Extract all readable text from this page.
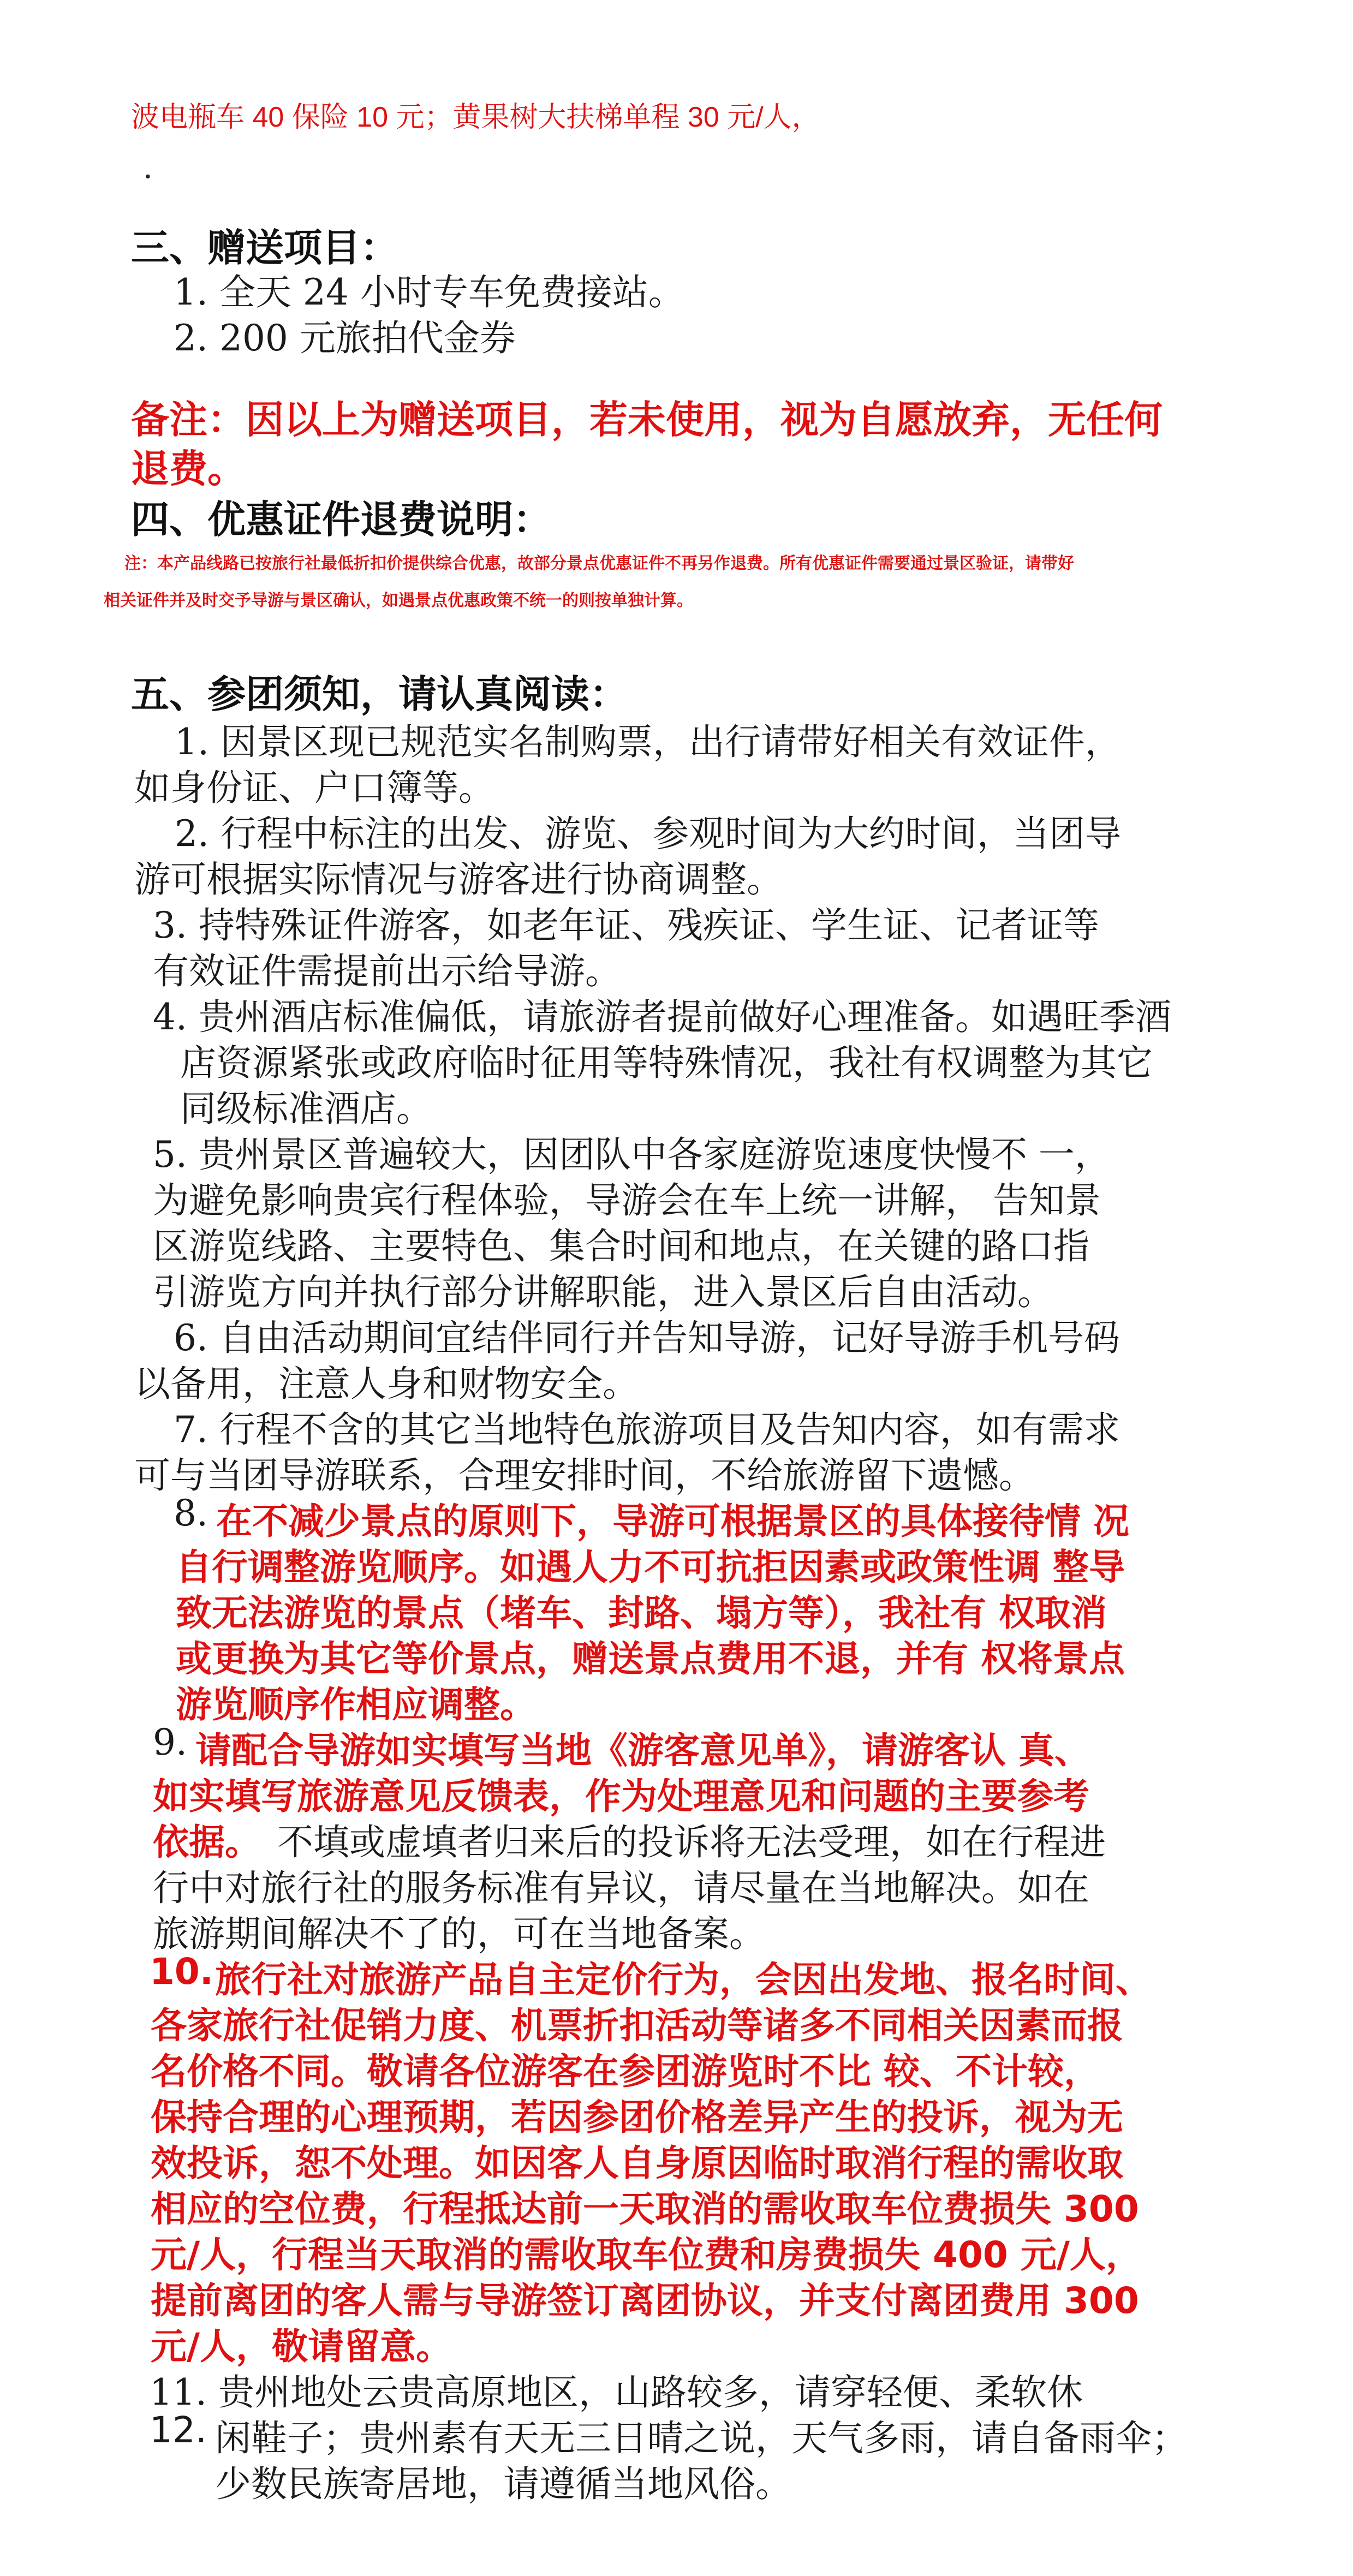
波电瓶车 40 保险 10 元；黄果树大扶梯单程 30 元/人，

.

三、赠送项目：

1. 全天 24 小时专车免费接站。

2. 200 元旅拍代金券

备注：因以上为赠送项目，若未使用，视为自愿放弃，无任何

退费。

四、优惠证件退费说明：

注：本产品线路已按旅行社最低折扣价提供综合优惠，故部分景点优惠证件不再另作退费。所有优惠证件需要通过景区验证，请带好

相关证件并及时交予导游与景区确认，如遇景点优惠政策不统一的则按单独计算。

五、参团须知，请认真阅读：

1. 因景区现已规范实名制购票，出行请带好相关有效证件，

如身份证、户口簿等。

2. 行程中标注的出发、游览、参观时间为大约时间，当团导

游可根据实际情况与游客进行协商调整。

3. 持特殊证件游客，如老年证、残疾证、学生证、记者证等

有效证件需提前出示给导游。

4. 贵州酒店标准偏低，请旅游者提前做好心理准备。如遇旺季酒

店资源紧张或政府临时征用等特殊情况，我社有权调整为其它

同级标准酒店。

5. 贵州景区普遍较大，因团队中各家庭游览速度快慢不 一，

为避免影响贵宾行程体验，导游会在车上统一讲解， 告知景

区游览线路、主要特色、集合时间和地点，在关键的路口指

引游览方向并执行部分讲解职能，进入景区后自由活动。

6. 自由活动期间宜结伴同行并告知导游，记好导游手机号码

以备用，注意人身和财物安全。

7. 行程不含的其它当地特色旅游项目及告知内容，如有需求

可与当团导游联系，合理安排时间，不给旅游留下遗憾。

8. 在不减少景点的原则下，导游可根据景区的具体接待情 况

自行调整游览顺序。如遇人力不可抗拒因素或政策性调 整导

致无法游览的景点（堵车、封路、塌方等），我社有 权取消

或更换为其它等价景点，赠送景点费用不退，并有 权将景点

游览顺序作相应调整。

9. 请配合导游如实填写当地《游客意见单》，请游客认 真、

如实填写旅游意见反馈表，作为处理意见和问题的主要参考

依据。 不填或虚填者归来后的投诉将无法受理，如在行程进

行中对旅行社的服务标准有异议，请尽量在当地解决。如在

旅游期间解决不了的，可在当地备案。

10. 旅行社对旅游产品自主定价行为，会因出发地、报名时间、

各家旅行社促销力度、机票折扣活动等诸多不同相关因素而报

名价格不同。敬请各位游客在参团游览时不比 较、不计较，

保持合理的心理预期，若因参团价格差异产生的投诉，视为无

效投诉，恕不处理。如因客人自身原因临时取消行程的需收取

相应的空位费，行程抵达前一天取消的需收取车位费损失 300

元/人，行程当天取消的需收取车位费和房费损失 400 元/人，

提前离团的客人需与导游签订离团协议，并支付离团费用 300

元/人，敬请留意。

11. 贵州地处云贵高原地区，山路较多，请穿轻便、柔软休

12. 闲鞋子；贵州素有天无三日晴之说，天气多雨，请自备雨伞；

少数民族寄居地，请遵循当地风俗。
